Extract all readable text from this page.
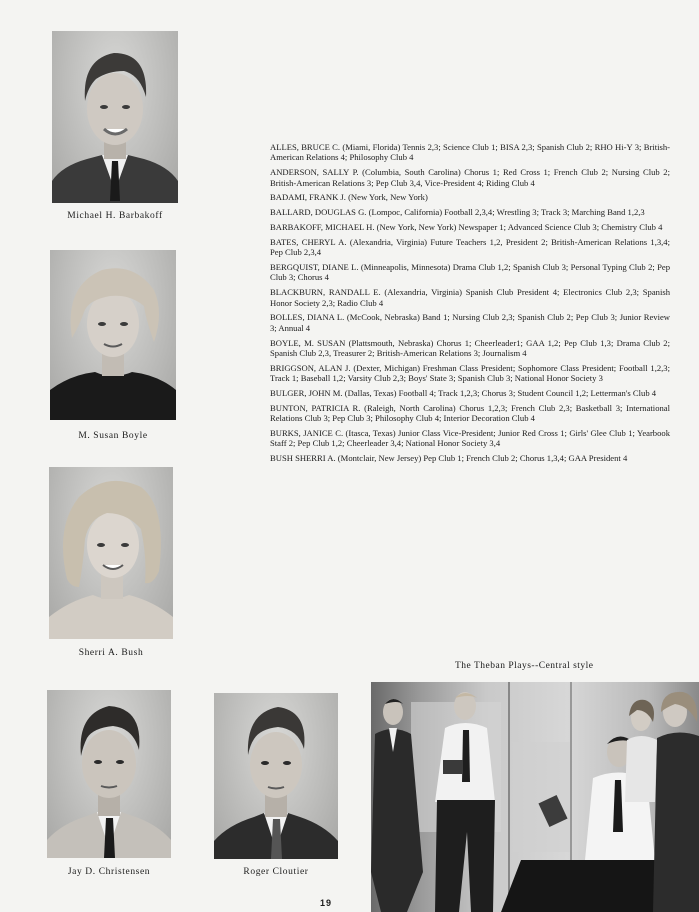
Michael H. Barbakoff
M. Susan Boyle
Sherri A. Bush
Jay D. Christensen	Roger Cloutier

ALLES, BRUCE C. (Miami, Florida) Tennis 2,3; Science Club 1; BISA 2,3; Spanish Club 2; RHO Hi-Y 3; British-American Relations 4; Philosophy Club 4

ANDERSON, SALLY P. (Columbia, South Carolina) Chorus 1; Red Cross 1; French Club 2; Nursing Club 2; British-American Relations 3; Pep Club 3,4, Vice-President 4; Riding Club 4

BADAMI, FRANK J. (New York, New York)

BALLARD, DOUGLAS G. (Lompoc, California) Football 2,3,4; Wrestling 3; Track 3; Marching Band 1,2,3

BARBAKOFF, MICHAEL H. (New York, New York) Newspaper 1; Advanced Science Club 3; Chemistry Club 4

BATES, CHERYL A. (Alexandria, Virginia) Future Teachers 1,2, President 2; British-American Relations 1,3,4; Pep Club 2,3,4

BERGQUIST, DIANE L. (Minneapolis, Minnesota) Drama Club 1,2; Spanish Club 3; Personal Typing Club 2; Pep Club 3; Chorus 4

BLACKBURN, RANDALL E. (Alexandria, Virginia) Spanish Club President 4; Electronics Club 2,3; Spanish Honor Society 2,3; Radio Club 4

BOLLES, DIANA L. (McCook, Nebraska) Band 1; Nursing Club 2,3; Spanish Club 2; Pep Club 3; Junior Review 3; Annual 4

BOYLE, M. SUSAN (Plattsmouth, Nebraska) Chorus 1; Cheerleader1; GAA 1,2; Pep Club 1,3; Drama Club 2; Spanish Club 2,3, Treasurer 2; British-American Relations 3; Journalism 4

BRIGGSON, ALAN J. (Dexter, Michigan) Freshman Class President; Sophomore Class President; Football 1,2,3; Track 1; Baseball 1,2; Varsity Club 2,3; Boys' State 3; Spanish Club 3; National Honor Society 3

BULGER, JOHN M. (Dallas, Texas) Football 4; Track 1,2,3; Chorus 3; Student Council 1,2; Letterman's Club 4

BUNTON, PATRICIA R. (Raleigh, North Carolina) Chorus 1,2,3; French Club 2,3; Basketball 3; International Relations Club 3; Pep Club 3; Philosophy Club 4; Interior Decoration Club 4

BURKS, JANICE C. (Itasca, Texas) Junior Class Vice-President; Junior Red Cross 1; Girls' Glee Club 1; Yearbook Staff 2; Pep Club 1,2; Cheerleader 3,4; National Honor Society 3,4

BUSH SHERRI A. (Montclair, New Jersey) Pep Club 1; French Club 2; Chorus 1,3,4; GAA President 4

The Theban Plays--Central style
19
